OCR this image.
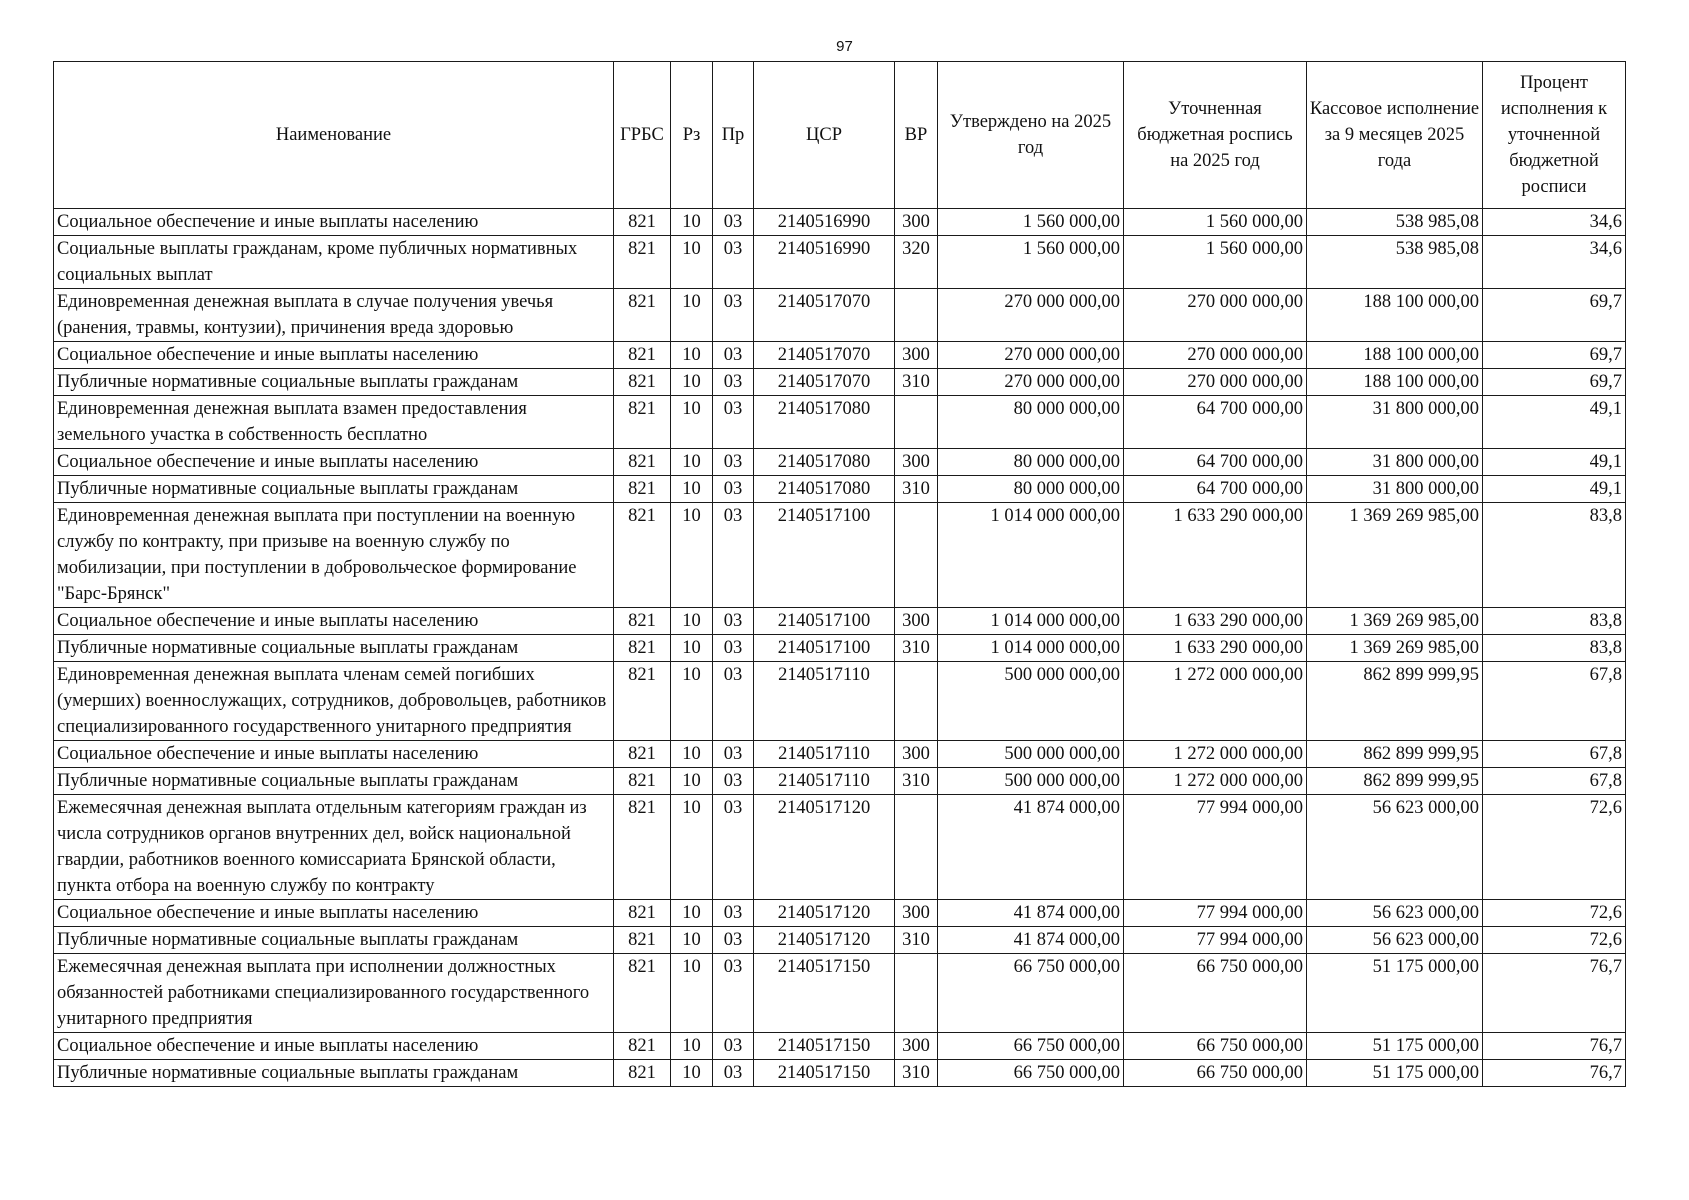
97
Наименование	ГРБС	Рз	Пр	ЦСР	ВР	Утверждено на 2025 год	Уточненная бюджетная роспись на 2025 год	Кассовое исполнение за 9 месяцев 2025 года	Процент исполнения к уточненной бюджетной росписи
Социальное обеспечение и иные выплаты населению	821	10	03	2140516990	300	1 560 000,00	1 560 000,00	538 985,08	34,6
Социальные выплаты гражданам, кроме публичных нормативных социальных выплат	821	10	03	2140516990	320	1 560 000,00	1 560 000,00	538 985,08	34,6
Единовременная денежная выплата в случае получения увечья (ранения, травмы, контузии), причинения вреда здоровью	821	10	03	2140517070		270 000 000,00	270 000 000,00	188 100 000,00	69,7
Социальное обеспечение и иные выплаты населению	821	10	03	2140517070	300	270 000 000,00	270 000 000,00	188 100 000,00	69,7
Публичные нормативные социальные выплаты гражданам	821	10	03	2140517070	310	270 000 000,00	270 000 000,00	188 100 000,00	69,7
Единовременная денежная выплата взамен предоставления земельного участка в собственность бесплатно	821	10	03	2140517080		80 000 000,00	64 700 000,00	31 800 000,00	49,1
Социальное обеспечение и иные выплаты населению	821	10	03	2140517080	300	80 000 000,00	64 700 000,00	31 800 000,00	49,1
Публичные нормативные социальные выплаты гражданам	821	10	03	2140517080	310	80 000 000,00	64 700 000,00	31 800 000,00	49,1
Единовременная денежная выплата при поступлении на военную службу по контракту, при призыве на военную службу по мобилизации, при поступлении в добровольческое формирование "Барс-Брянск"	821	10	03	2140517100		1 014 000 000,00	1 633 290 000,00	1 369 269 985,00	83,8
Социальное обеспечение и иные выплаты населению	821	10	03	2140517100	300	1 014 000 000,00	1 633 290 000,00	1 369 269 985,00	83,8
Публичные нормативные социальные выплаты гражданам	821	10	03	2140517100	310	1 014 000 000,00	1 633 290 000,00	1 369 269 985,00	83,8
Единовременная денежная выплата членам семей погибших (умерших) военнослужащих, сотрудников, добровольцев, работников специализированного государственного унитарного предприятия	821	10	03	2140517110		500 000 000,00	1 272 000 000,00	862 899 999,95	67,8
Социальное обеспечение и иные выплаты населению	821	10	03	2140517110	300	500 000 000,00	1 272 000 000,00	862 899 999,95	67,8
Публичные нормативные социальные выплаты гражданам	821	10	03	2140517110	310	500 000 000,00	1 272 000 000,00	862 899 999,95	67,8
Ежемесячная денежная выплата отдельным категориям граждан из числа сотрудников органов внутренних дел, войск национальной гвардии, работников военного комиссариата Брянской области, пункта отбора на военную службу по контракту	821	10	03	2140517120		41 874 000,00	77 994 000,00	56 623 000,00	72,6
Социальное обеспечение и иные выплаты населению	821	10	03	2140517120	300	41 874 000,00	77 994 000,00	56 623 000,00	72,6
Публичные нормативные социальные выплаты гражданам	821	10	03	2140517120	310	41 874 000,00	77 994 000,00	56 623 000,00	72,6
Ежемесячная денежная выплата при исполнении должностных обязанностей работниками специализированного государственного унитарного предприятия	821	10	03	2140517150		66 750 000,00	66 750 000,00	51 175 000,00	76,7
Социальное обеспечение и иные выплаты населению	821	10	03	2140517150	300	66 750 000,00	66 750 000,00	51 175 000,00	76,7
Публичные нормативные социальные выплаты гражданам	821	10	03	2140517150	310	66 750 000,00	66 750 000,00	51 175 000,00	76,7
